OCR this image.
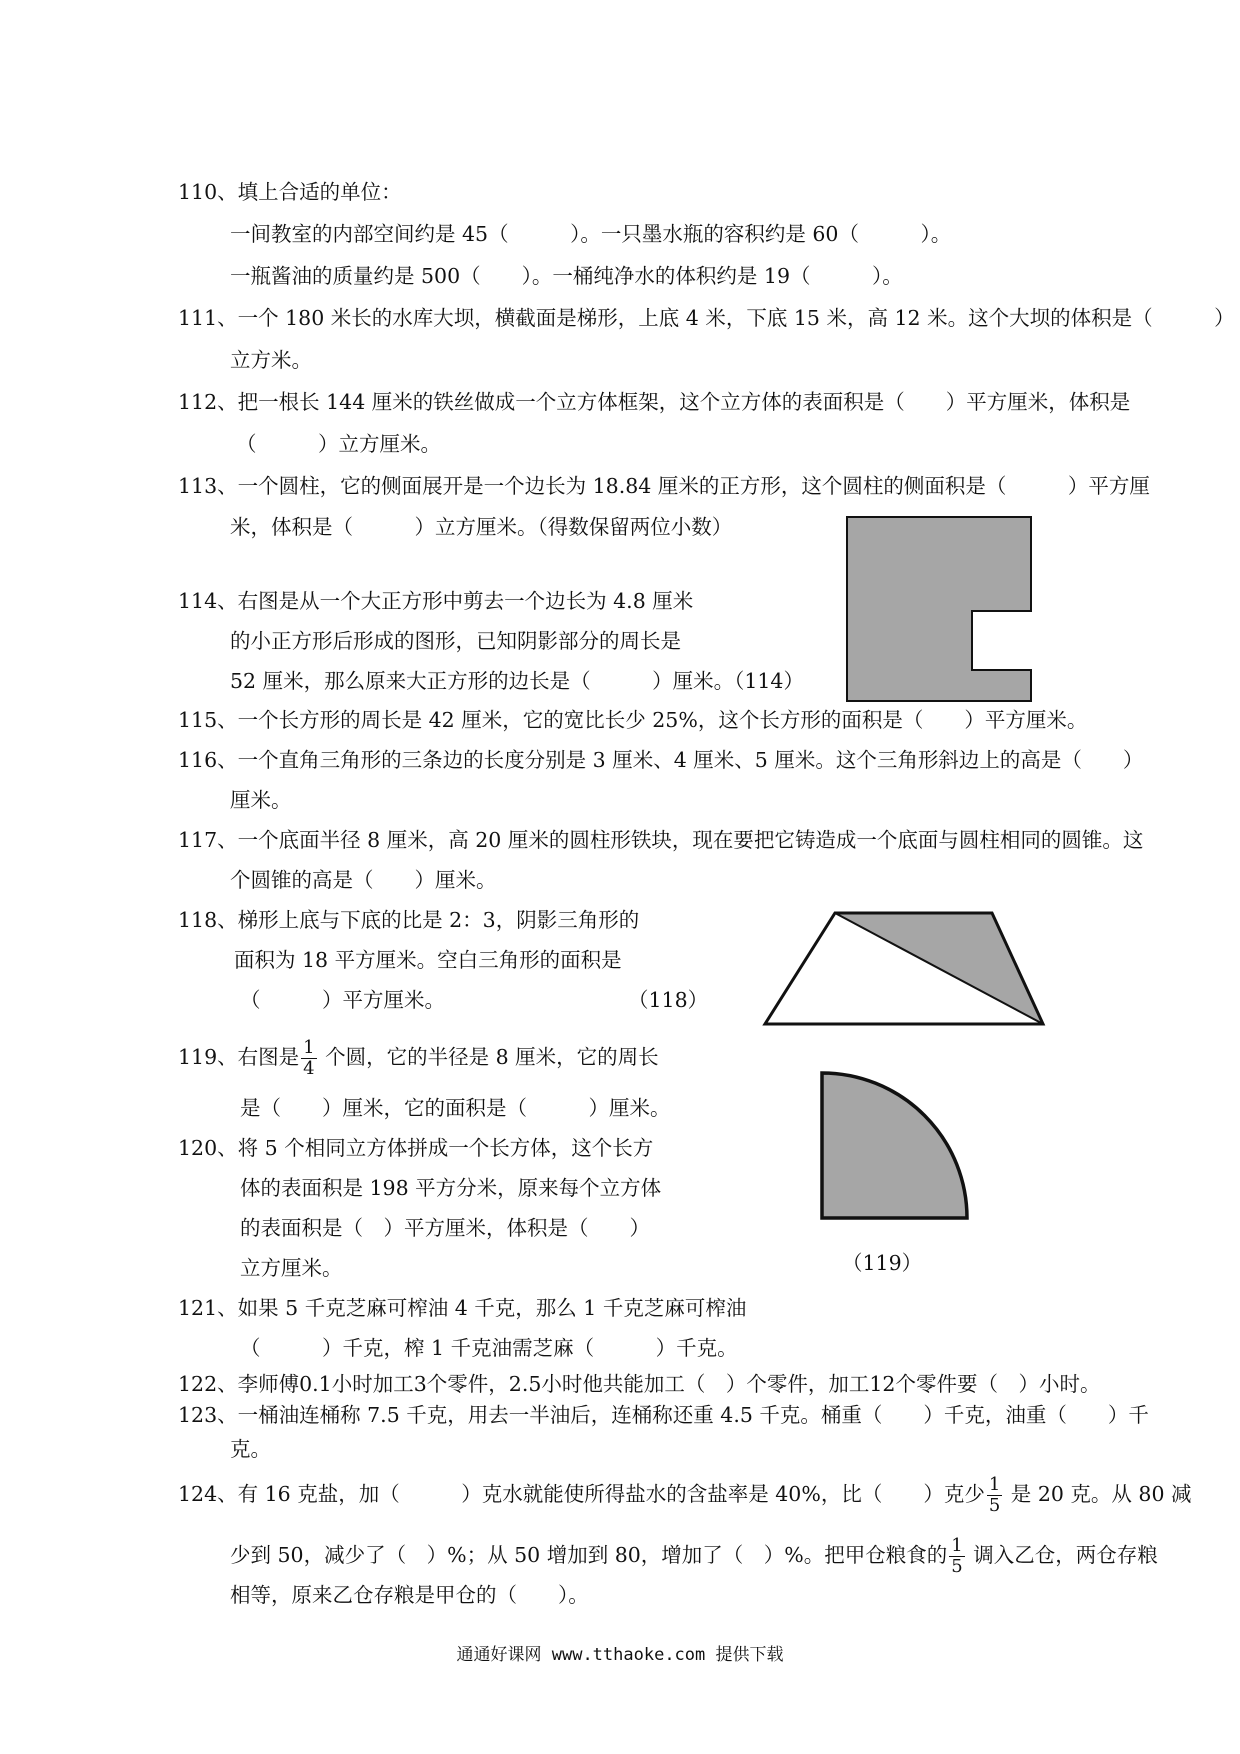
110、填上合适的单位：
一间教室的内部空间约是 45（　　　）。一只墨水瓶的容积约是 60（　　　）。
一瓶酱油的质量约是 500（　　）。一桶纯净水的体积约是 19（　　　）。
111、一个 180 米长的水库大坝，横截面是梯形，上底 4 米，下底 15 米，高 12 米。这个大坝的体积是（　　　）
立方米。
112、把一根长 144 厘米的铁丝做成一个立方体框架，这个立方体的表面积是（　　）平方厘米，体积是
（　　　）立方厘米。
113、一个圆柱，它的侧面展开是一个边长为 18.84 厘米的正方形，这个圆柱的侧面积是（　　　）平方厘
米，体积是（　　　）立方厘米。（得数保留两位小数）
114、右图是从一个大正方形中剪去一个边长为 4.8 厘米
的小正方形后形成的图形，已知阴影部分的周长是
52 厘米，那么原来大正方形的边长是（　　　）厘米。（114）
115、一个长方形的周长是 42 厘米，它的宽比长少 25%，这个长方形的面积是（　　）平方厘米。
116、一个直角三角形的三条边的长度分别是 3 厘米、4 厘米、5 厘米。这个三角形斜边上的高是（　　）
厘米。
117、一个底面半径 8 厘米，高 20 厘米的圆柱形铁块，现在要把它铸造成一个底面与圆柱相同的圆锥。这
个圆锥的高是（　　）厘米。
118、梯形上底与下底的比是 2：3，阴影三角形的
面积为 18 平方厘米。空白三角形的面积是
（　　　）平方厘米。	（118）
119、右图是 $\frac{1}{4}$ 个圆，它的半径是 8 厘米，它的周长
是（　　）厘米，它的面积是（　　　）厘米。
（119）
120、将 5 个相同立方体拼成一个长方体，这个长方
体的表面积是 198 平方分米，原来每个立方体
的表面积是（　）平方厘米，体积是（　　）
立方厘米。
121、如果 5 千克芝麻可榨油 4 千克，那么 1 千克芝麻可榨油
（　　　）千克，榨 1 千克油需芝麻（　　　）千克。
122、李师傅0.1小时加工3个零件，2.5小时他共能加工（　）个零件，加工12个零件要（　）小时。
123、一桶油连桶称 7.5 千克，用去一半油后，连桶称还重 4.5 千克。桶重（　　）千克，油重（　　）千
克。
124、有 16 克盐，加（　　　）克水就能使所得盐水的含盐率是 40%，比（　　）克少 $\frac{1}{5}$ 是 20 克。从 80 减
少到 50，减少了（　）%；从 50 增加到 80，增加了（　）%。把甲仓粮食的 $\frac{1}{5}$ 调入乙仓，两仓存粮
相等，原来乙仓存粮是甲仓的（　　）。
通通好课网 www.tthaoke.com 提供下载
